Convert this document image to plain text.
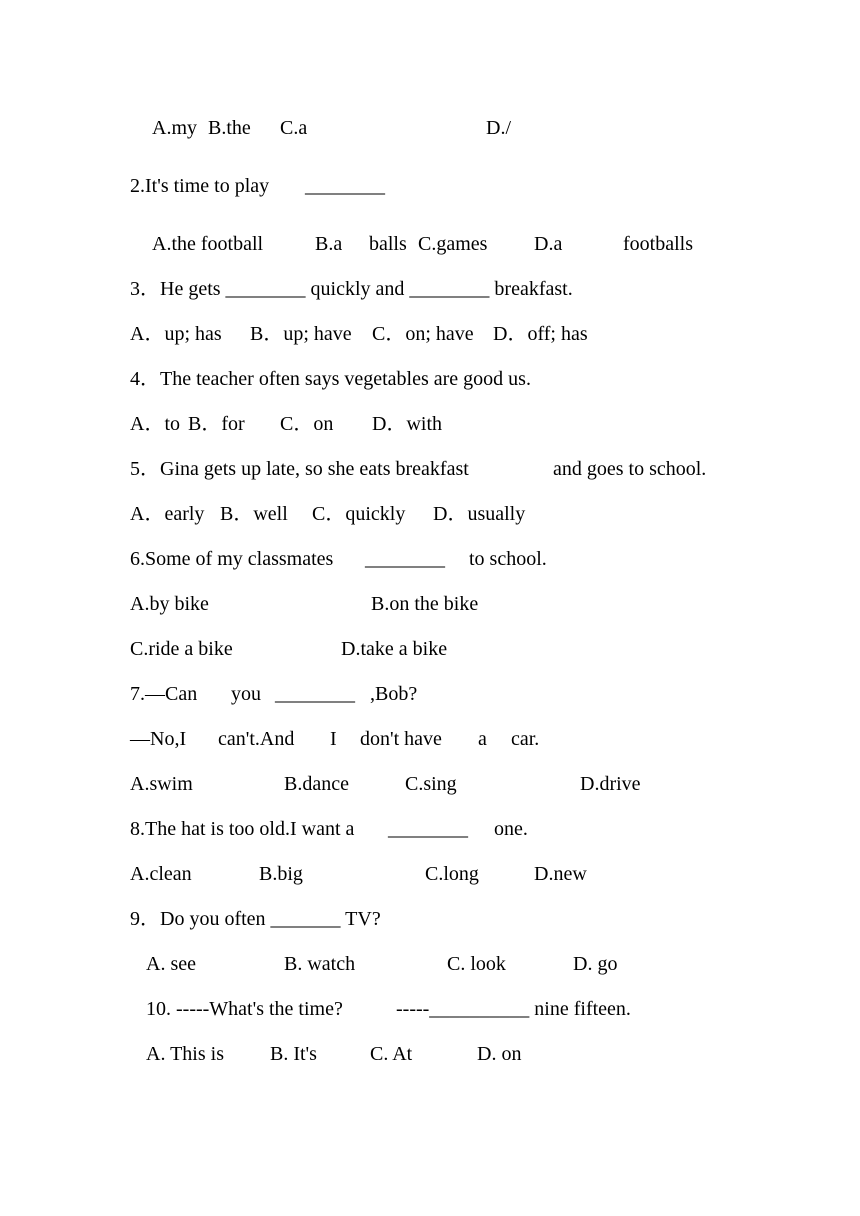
A.my B.the C.a	D./
2.It's time to play ________
A.the football	B.a balls C.games D.a	footballs
3．He gets ________ quickly and ________ breakfast.
A．up; has B．up; have C．on; have D．off; has
4．The teacher often says vegetables are good us.
A．to B．for C．on D．with
5．Gina gets up late, so she eats breakfast	and goes to school.
A．early B．well C．quickly D．usually
6.Some of my classmates ________ to school.
A.by bike	B.on the bike
C.ride a bike	D.take a bike
7.—Can you ________ ,Bob?
—No,I can't.And I don't have a car.
A.swim	B.dance	C.sing	D.drive
8.The hat is too old.I want a ________ one.
A.clean	B.big	C.long	D.new
9．Do you often _______ TV?
A. see	B. watch	C. look	D. go
10. -----What's the time?	-----__________ nine fifteen.
A. This is B. It's	C. At	D. on
